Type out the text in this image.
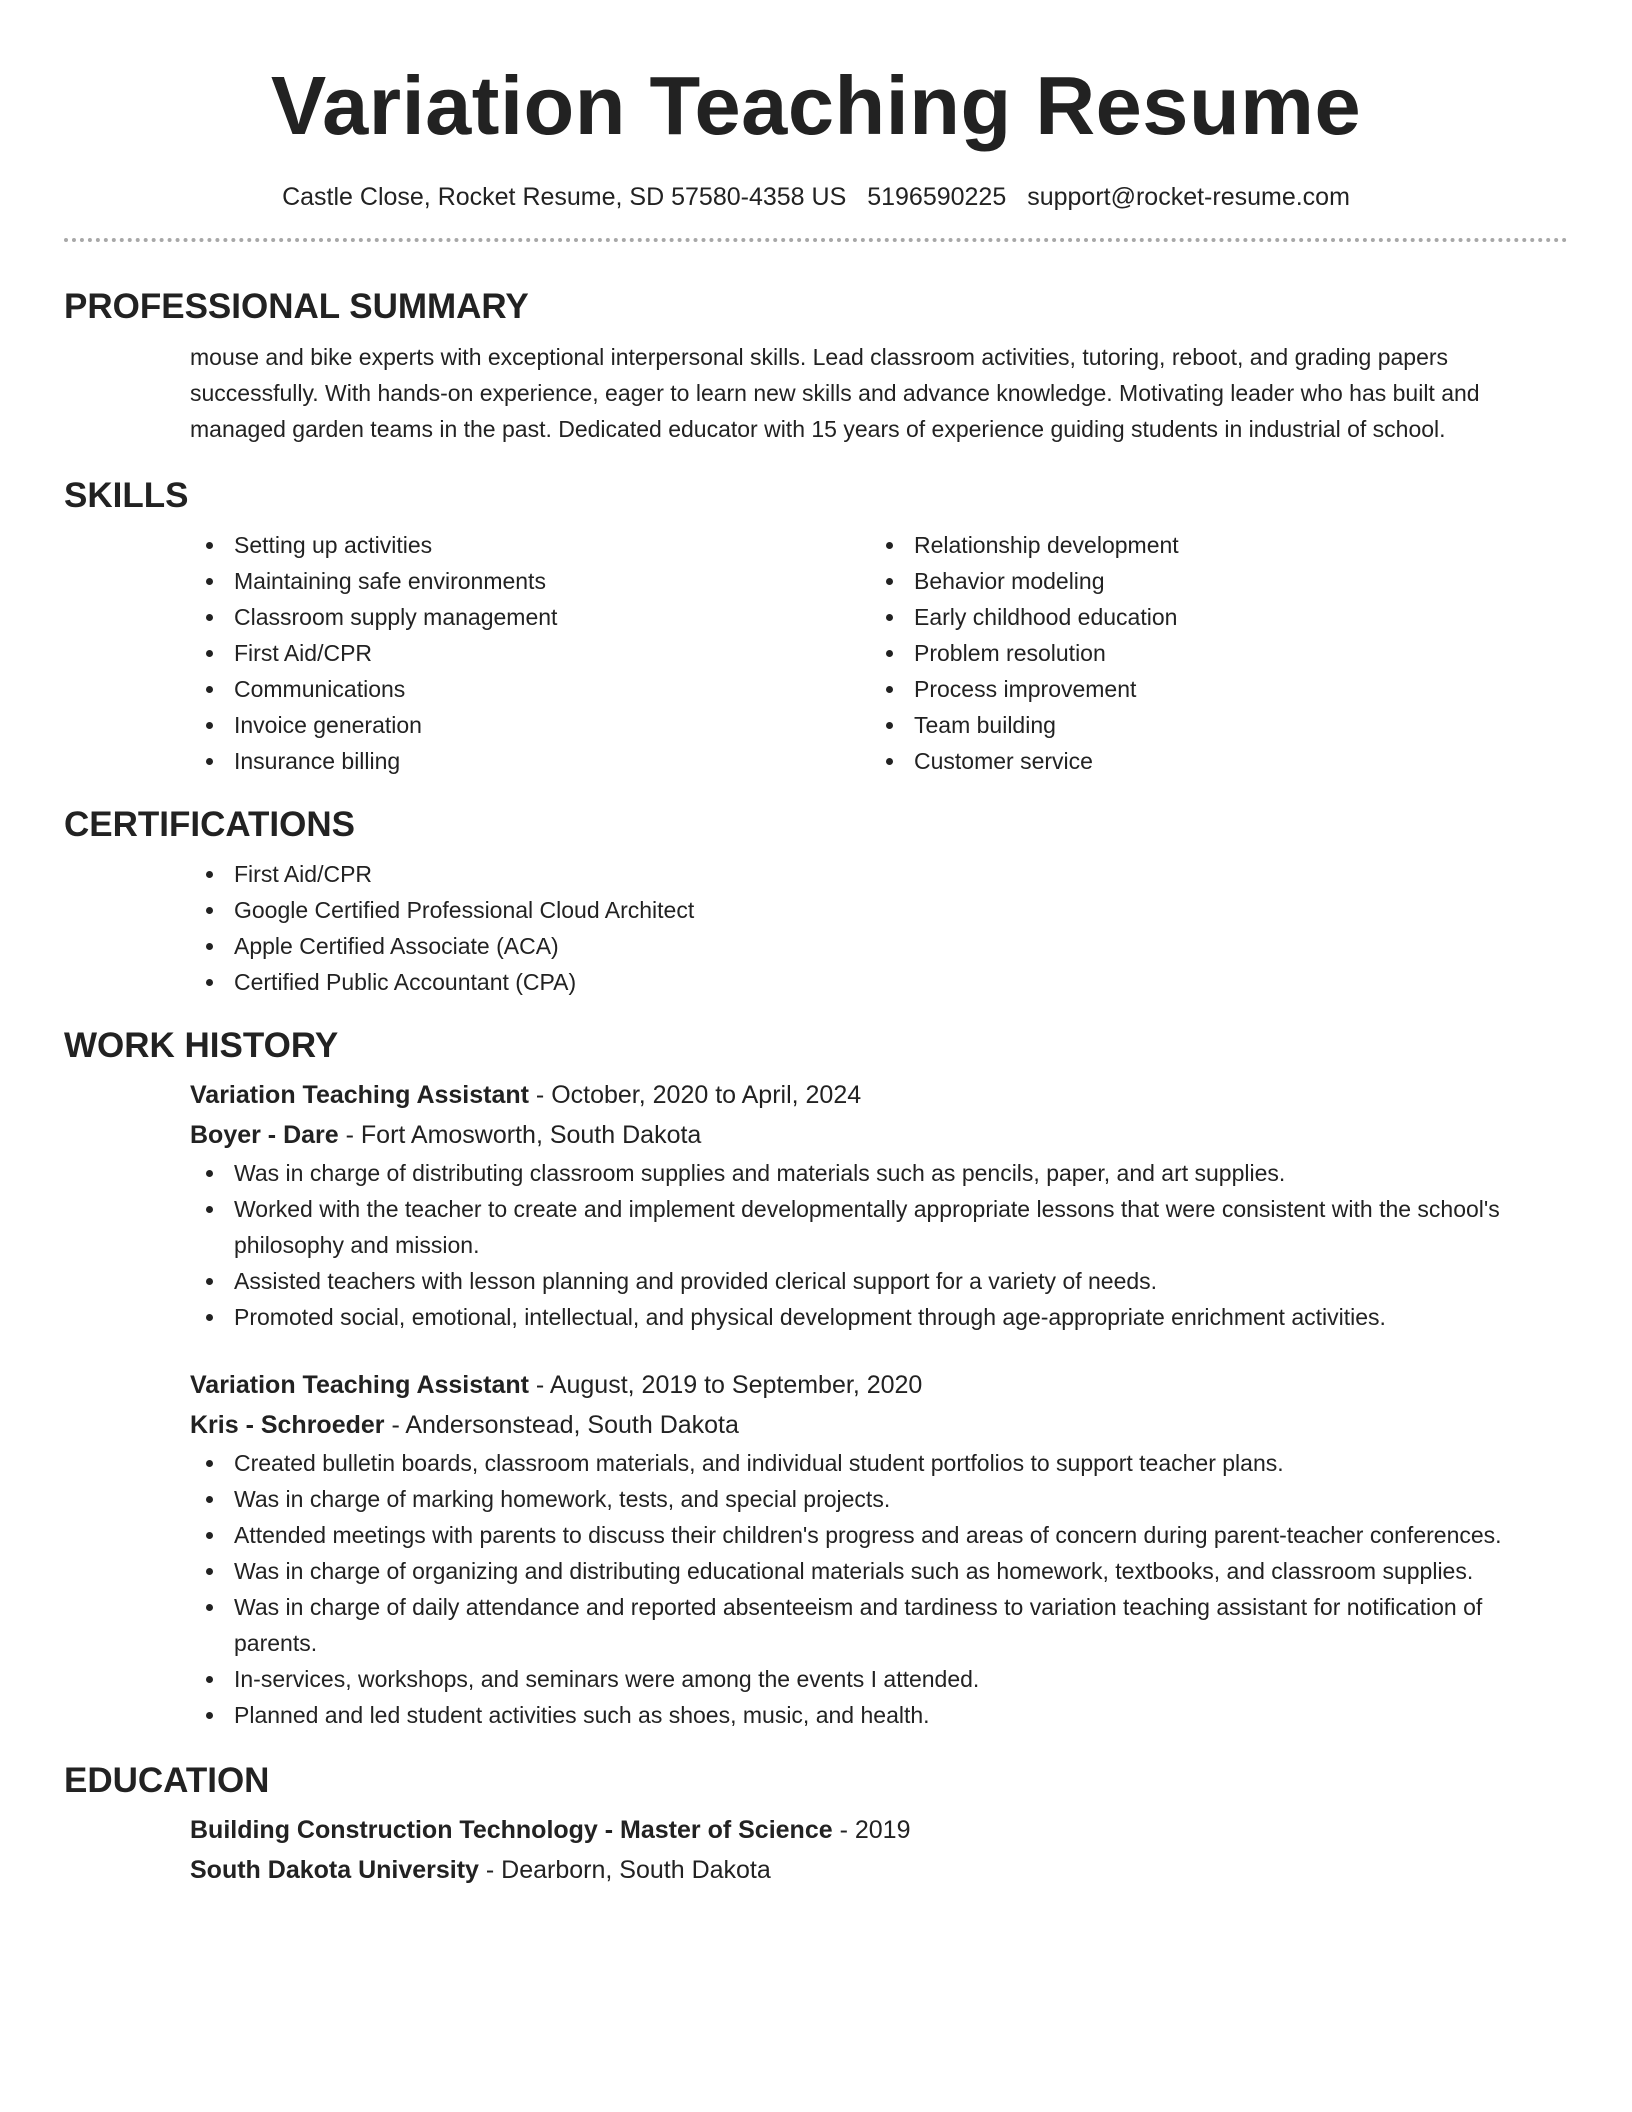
Variation Teaching Resume
Castle Close, Rocket Resume, SD 57580-4358 US 5196590225 support@rocket-resume.com
PROFESSIONAL SUMMARY

mouse and bike experts with exceptional interpersonal skills. Lead classroom activities, tutoring, reboot, and grading papers successfully. With hands-on experience, eager to learn new skills and advance knowledge. Motivating leader who has built and managed garden teams in the past. Dedicated educator with 15 years of experience guiding students in industrial of school.

SKILLS
Setting up activities
Maintaining safe environments
Classroom supply management
First Aid/CPR
Communications
Invoice generation
Insurance billing
Relationship development
Behavior modeling
Early childhood education
Problem resolution
Process improvement
Team building
Customer service
CERTIFICATIONS
First Aid/CPR
Google Certified Professional Cloud Architect
Apple Certified Associate (ACA)
Certified Public Accountant (CPA)
WORK HISTORY
Variation Teaching Assistant - October, 2020 to April, 2024
Boyer - Dare - Fort Amosworth, South Dakota
Was in charge of distributing classroom supplies and materials such as pencils, paper, and art supplies.
Worked with the teacher to create and implement developmentally appropriate lessons that were consistent with the school's philosophy and mission.
Assisted teachers with lesson planning and provided clerical support for a variety of needs.
Promoted social, emotional, intellectual, and physical development through age-appropriate enrichment activities.
Variation Teaching Assistant - August, 2019 to September, 2020
Kris - Schroeder - Andersonstead, South Dakota
Created bulletin boards, classroom materials, and individual student portfolios to support teacher plans.
Was in charge of marking homework, tests, and special projects.
Attended meetings with parents to discuss their children's progress and areas of concern during parent-teacher conferences.
Was in charge of organizing and distributing educational materials such as homework, textbooks, and classroom supplies.
Was in charge of daily attendance and reported absenteeism and tardiness to variation teaching assistant for notification of parents.
In-services, workshops, and seminars were among the events I attended.
Planned and led student activities such as shoes, music, and health.
EDUCATION
Building Construction Technology - Master of Science - 2019
South Dakota University - Dearborn, South Dakota
